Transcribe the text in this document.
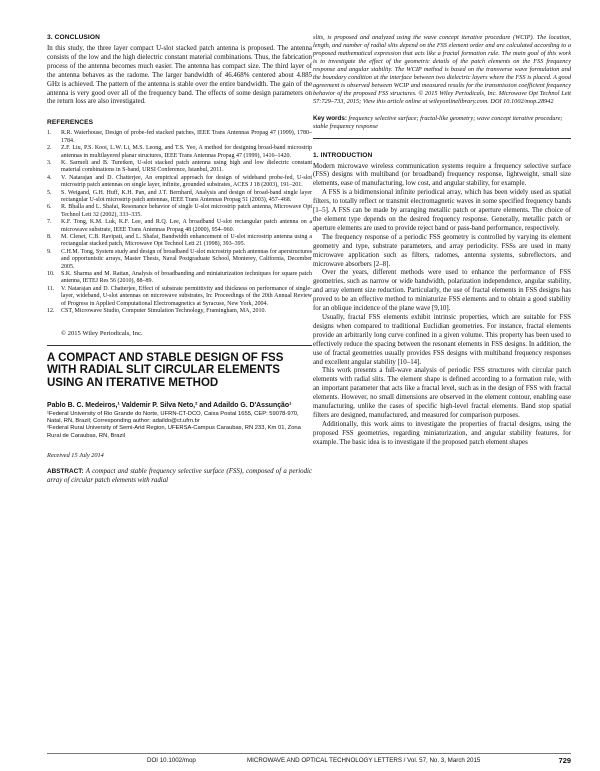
3. CONCLUSION

In this study, the three layer compact U-slot stacked patch antenna is proposed. The antenna consists of the low and the high dielectric constant material combinations. Thus, the fabrication process of the antenna becomes much easier. The antenna has compact size. The third layer of the antenna behaves as the radome. The larger bandwidth of 46.468% centered about 4.885 GHz is achieved. The pattern of the antenna is stable over the entire bandwidth. The gain of the antenna is very good over all of the frequency band. The effects of some design parameters on the return loss are also investigated.

REFERENCES
1. R.R. Waterhouse, Design of probe-fed stacked patches, IEEE Trans Antennas Propag 47 (1999), 1780–1784.
2. Z.F. Liu, P.S. Kooi, L.W. Li, M.S. Leong, and T.S. Yeo, A method for designing broad-band microstrip antennas in multilayered planar structures, IEEE Trans Antennas Propag 47 (1999), 1416–1420.
3. K. Sarmeli and B. Turetken, U-slot stacked patch antenna using high and low dielectric constant material combinations in S-band, URSI Conference, Istanbul, 2011.
4. V. Natarajan and D. Chatterjee, An empirical approach for design of wideband probe-fed, U-slot microstrip patch antennas on single layer, infinite, grounded substrates, ACES J 18 (2003), 191–201.
5. S. Weigand, G.H. Huff, K.H. Pan, and J.T. Bernhard, Analysis and design of broad-band single layer rectangular U-slot microstrip patch antennas, IEEE Trans Antennas Propag 51 (2003), 457–468.
6. R. Bhalla and L. Shafai, Resonance behavior of single U-slot microstrip patch antenna, Microwave Opt Technol Lett 32 (2002), 333–335.
7. K.F. Tong, K.M. Luk, K.F. Lee, and R.Q. Lee, A broadband U-slot rectangular patch antenna on a microwave substrate, IEEE Trans Antennas Propag 48 (2000), 954–960.
8. M. Clenet, C.B. Ravipati, and L. Shafai, Bandwidth enhancement of U-slot microstrip antenna using a rectangular stacked patch, Microwave Opt Technol Lett 21 (1998), 393–395.
9. C.H.M. Tong, System study and design of broadband U-slot microstrip patch antennas for aperstructures and opportunistic arrays, Master Thesis, Naval Postgraduate School, Monterey, California, December 2005.
10. S.K. Sharma and M. Rattan, Analysis of broadbanding and miniaturization techniques for square patch antenna, IETEJ Res 56 (2010), 88–89.
11. V. Natarajan and D. Chatterjee, Effect of substrate permittivity and thickness on performance of single-layer, wideband, U-slot antennas on microwave substrates, In: Proceedings of the 20th Annual Review of Progress in Applied Computational Electromagnetics at Syracuse, New York, 2004.
12. CST, Microwave Studio, Computer Simulation Technology, Framingham, MA, 2010.
© 2015 Wiley Periodicals, Inc.
A COMPACT AND STABLE DESIGN OF FSS WITH RADIAL SLIT CIRCULAR ELEMENTS USING AN ITERATIVE METHOD
Pablo B. C. Medeiros,¹ Valdemir P. Silva Neto,² and Adaildo G. D'Assunção¹
¹Federal University of Rio Grande do Norte, UFRN-CT-DCO, Caixa Postal 1655, CEP: 59078-970, Natal, RN, Brazil; Corresponding author: adaildo@ct.ufrn.br
²Federal Rural University of Semi-Arid Region, UFERSA-Campus Caraubas, RN 233, Km 01, Zona Rural de Caraubas, RN, Brazil
Received 15 July 2014
ABSTRACT: A compact and stable frequency selective surface (FSS), composed of a periodic array of circular patch elements with radial

slits, is proposed and analyzed using the wave concept iterative procedure (WCIP). The location, length, and number of radial slits depend on the FSS element order and are calculated according to a proposed mathematical expression that acts like a fractal formation rule. The main goal of this work is to investigate the effect of the geometric details of the patch elements on the FSS frequency response and angular stability. The WCIP method is based on the transverse wave formulation and the boundary condition at the interface between two dielectric layers where the FSS is placed. A good agreement is observed between WCIP and measured results for the transmission coefficient frequency behavior of the proposed FSS structures. © 2015 Wiley Periodicals, Inc. Microwave Opt Technol Lett 57:729–733, 2015; View this article online at wileyonlinelibrary.com. DOI 10.1002/mop.28942

Key words: frequency selective surface; fractal-like geometry; wave concept iterative procedure; stable frequency response
1. INTRODUCTION

Modern microwave wireless communication systems require a frequency selective surface (FSS) designs with multiband (or broadband) frequency response, lightweight, small size elements, ease of manufacturing, low cost, and angular stability, for example.

A FSS is a bidimensional infinite periodical array, which has been widely used as spatial filters, to totally reflect or transmit electromagnetic waves in some specified frequency bands [1–5]. A FSS can be made by arranging metallic patch or aperture elements. The choice of the element type depends on the desired frequency response. Generally, metallic patch or aperture elements are used to provide reject band or pass-band performance, respectively.

The frequency response of a periodic FSS geometry is controlled by varying its element geometry and type, substrate parameters, and array periodicity. FSSs are used in many microwave application such as filters, radomes, antenna systems, subreflectors, and microwave absorbers [2–8].

Over the years, different methods were used to enhance the performance of FSS geometries, such as narrow or wide bandwidth, polarization independence, angular stability, and array element size reduction. Particularly, the use of fractal elements in FSS designs has proved to be an effective method to miniaturize FSS elements and to obtain a good stability for an oblique incidence of the plane wave [9,10].

Usually, fractal FSS elements exhibit intrinsic properties, which are suitable for FSS designs when compared to traditional Euclidian geometries. For instance, fractal elements provide an arbitrarily long curve confined in a given volume. This property has been used to effectively reduce the spacing between the resonant elements in FSS designs. In addition, the use of fractal geometries usually provides FSS designs with multiband frequency responses and excellent angular stability [10–14].

This work presents a full-wave analysis of periodic FSS structures with circular patch elements with radial slits. The element shape is defined according to a formation rule, with an important parameter that acts like a fractal level, such as in the design of FSS with fractal elements. However, no small dimensions are observed in the element contour, enabling ease manufacturing, unlike the cases of specific high-level fractal elements. Band stop spatial filters are designed, manufactured, and measured for comparison purposes.

Additionally, this work aims to investigate the properties of fractal designs, using the proposed FSS geometries, regarding miniaturization, and angular stability features, for example. The basic idea is to investigate if the proposed patch element shapes

DOI 10.1002/mop	MICROWAVE AND OPTICAL TECHNOLOGY LETTERS / Vol. 57, No. 3, March 2015	729
